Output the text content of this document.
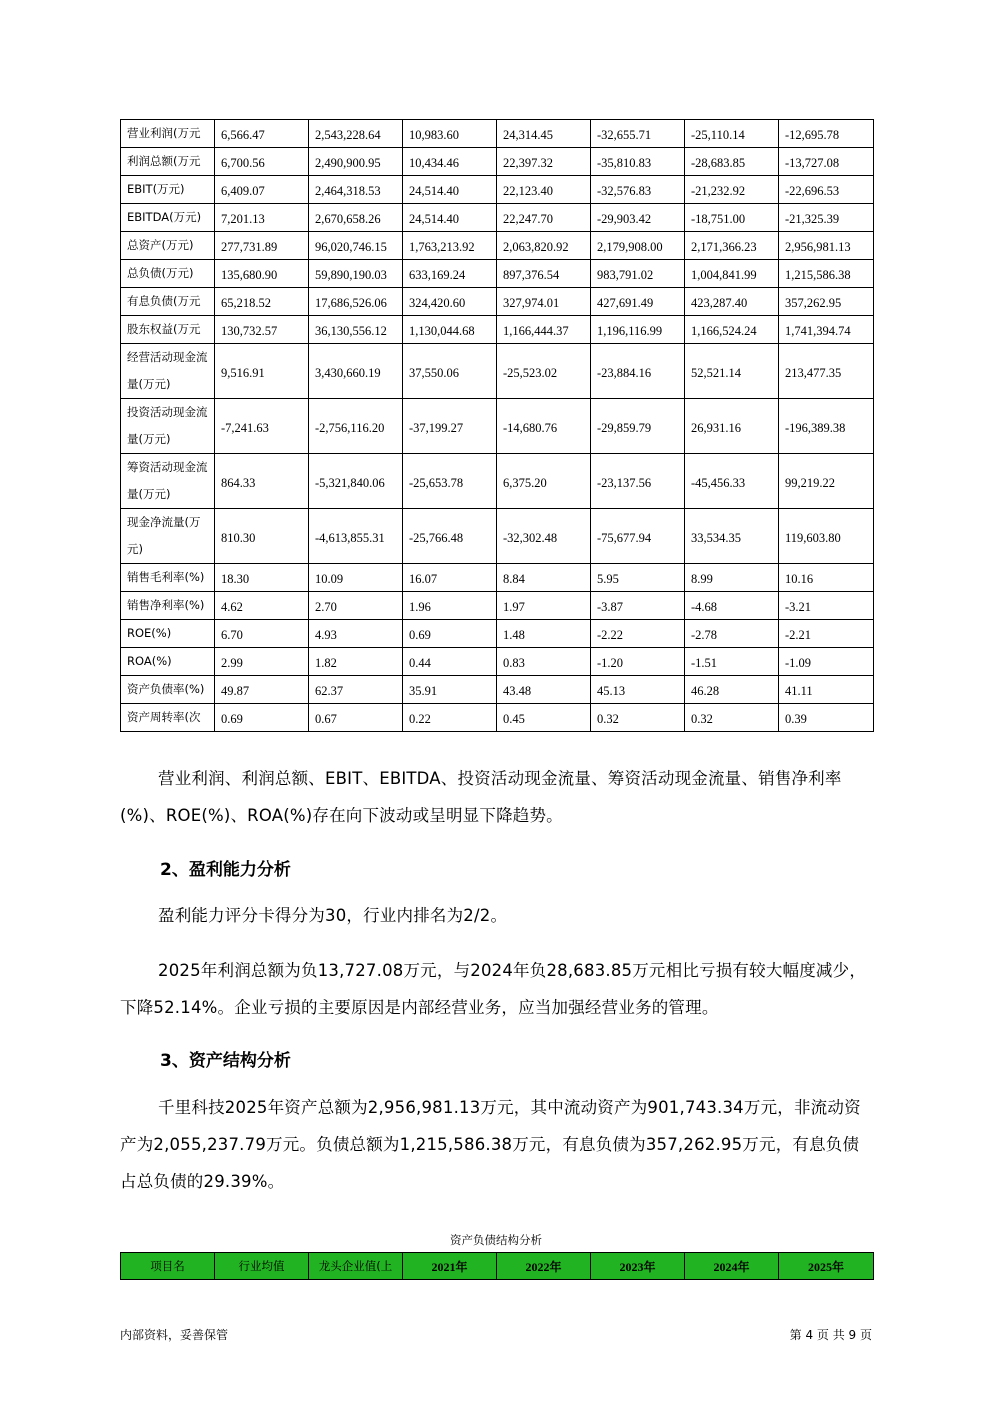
营业利润(万元	6,566.47	2,543,228.64	10,983.60	24,314.45	-32,655.71	-25,110.14	-12,695.78
利润总额(万元	6,700.56	2,490,900.95	10,434.46	22,397.32	-35,810.83	-28,683.85	-13,727.08
EBIT(万元)	6,409.07	2,464,318.53	24,514.40	22,123.40	-32,576.83	-21,232.92	-22,696.53
EBITDA(万元)	7,201.13	2,670,658.26	24,514.40	22,247.70	-29,903.42	-18,751.00	-21,325.39
总资产(万元)	277,731.89	96,020,746.15	1,763,213.92	2,063,820.92	2,179,908.00	2,171,366.23	2,956,981.13
总负债(万元)	135,680.90	59,890,190.03	633,169.24	897,376.54	983,791.02	1,004,841.99	1,215,586.38
有息负债(万元	65,218.52	17,686,526.06	324,420.60	327,974.01	427,691.49	423,287.40	357,262.95
股东权益(万元	130,732.57	36,130,556.12	1,130,044.68	1,166,444.37	1,196,116.99	1,166,524.24	1,741,394.74
经营活动现金流量(万元)	9,516.91	3,430,660.19	37,550.06	-25,523.02	-23,884.16	52,521.14	213,477.35
投资活动现金流量(万元)	-7,241.63	-2,756,116.20	-37,199.27	-14,680.76	-29,859.79	26,931.16	-196,389.38
筹资活动现金流量(万元)	864.33	-5,321,840.06	-25,653.78	6,375.20	-23,137.56	-45,456.33	99,219.22
现金净流量(万元)	810.30	-4,613,855.31	-25,766.48	-32,302.48	-75,677.94	33,534.35	119,603.80
销售毛利率(%)	18.30	10.09	16.07	8.84	5.95	8.99	10.16
销售净利率(%)	4.62	2.70	1.96	1.97	-3.87	-4.68	-3.21
ROE(%)	6.70	4.93	0.69	1.48	-2.22	-2.78	-2.21
ROA(%)	2.99	1.82	0.44	0.83	-1.20	-1.51	-1.09
资产负债率(%)	49.87	62.37	35.91	43.48	45.13	46.28	41.11
资产周转率(次	0.69	0.67	0.22	0.45	0.32	0.32	0.39
营业利润、利润总额、EBIT、EBITDA、投资活动现金流量、筹资活动现金流量、销售净利率(%)、ROE(%)、ROA(%)存在向下波动或呈明显下降趋势。
2、盈利能力分析
盈利能力评分卡得分为30，行业内排名为2/2。
2025年利润总额为负13,727.08万元，与2024年负28,683.85万元相比亏损有较大幅度减少，下降52.14%。企业亏损的主要原因是内部经营业务，应当加强经营业务的管理。
3、资产结构分析
千里科技2025年资产总额为2,956,981.13万元，其中流动资产为901,743.34万元，非流动资产为2,055,237.79万元。负债总额为1,215,586.38万元，有息负债为357,262.95万元，有息负债占总负债的29.39%。
资产负债结构分析
项目名	行业均值	龙头企业值(上	2021年	2022年	2023年	2024年	2025年
内部资料，妥善保管	第 4 页 共 9 页
